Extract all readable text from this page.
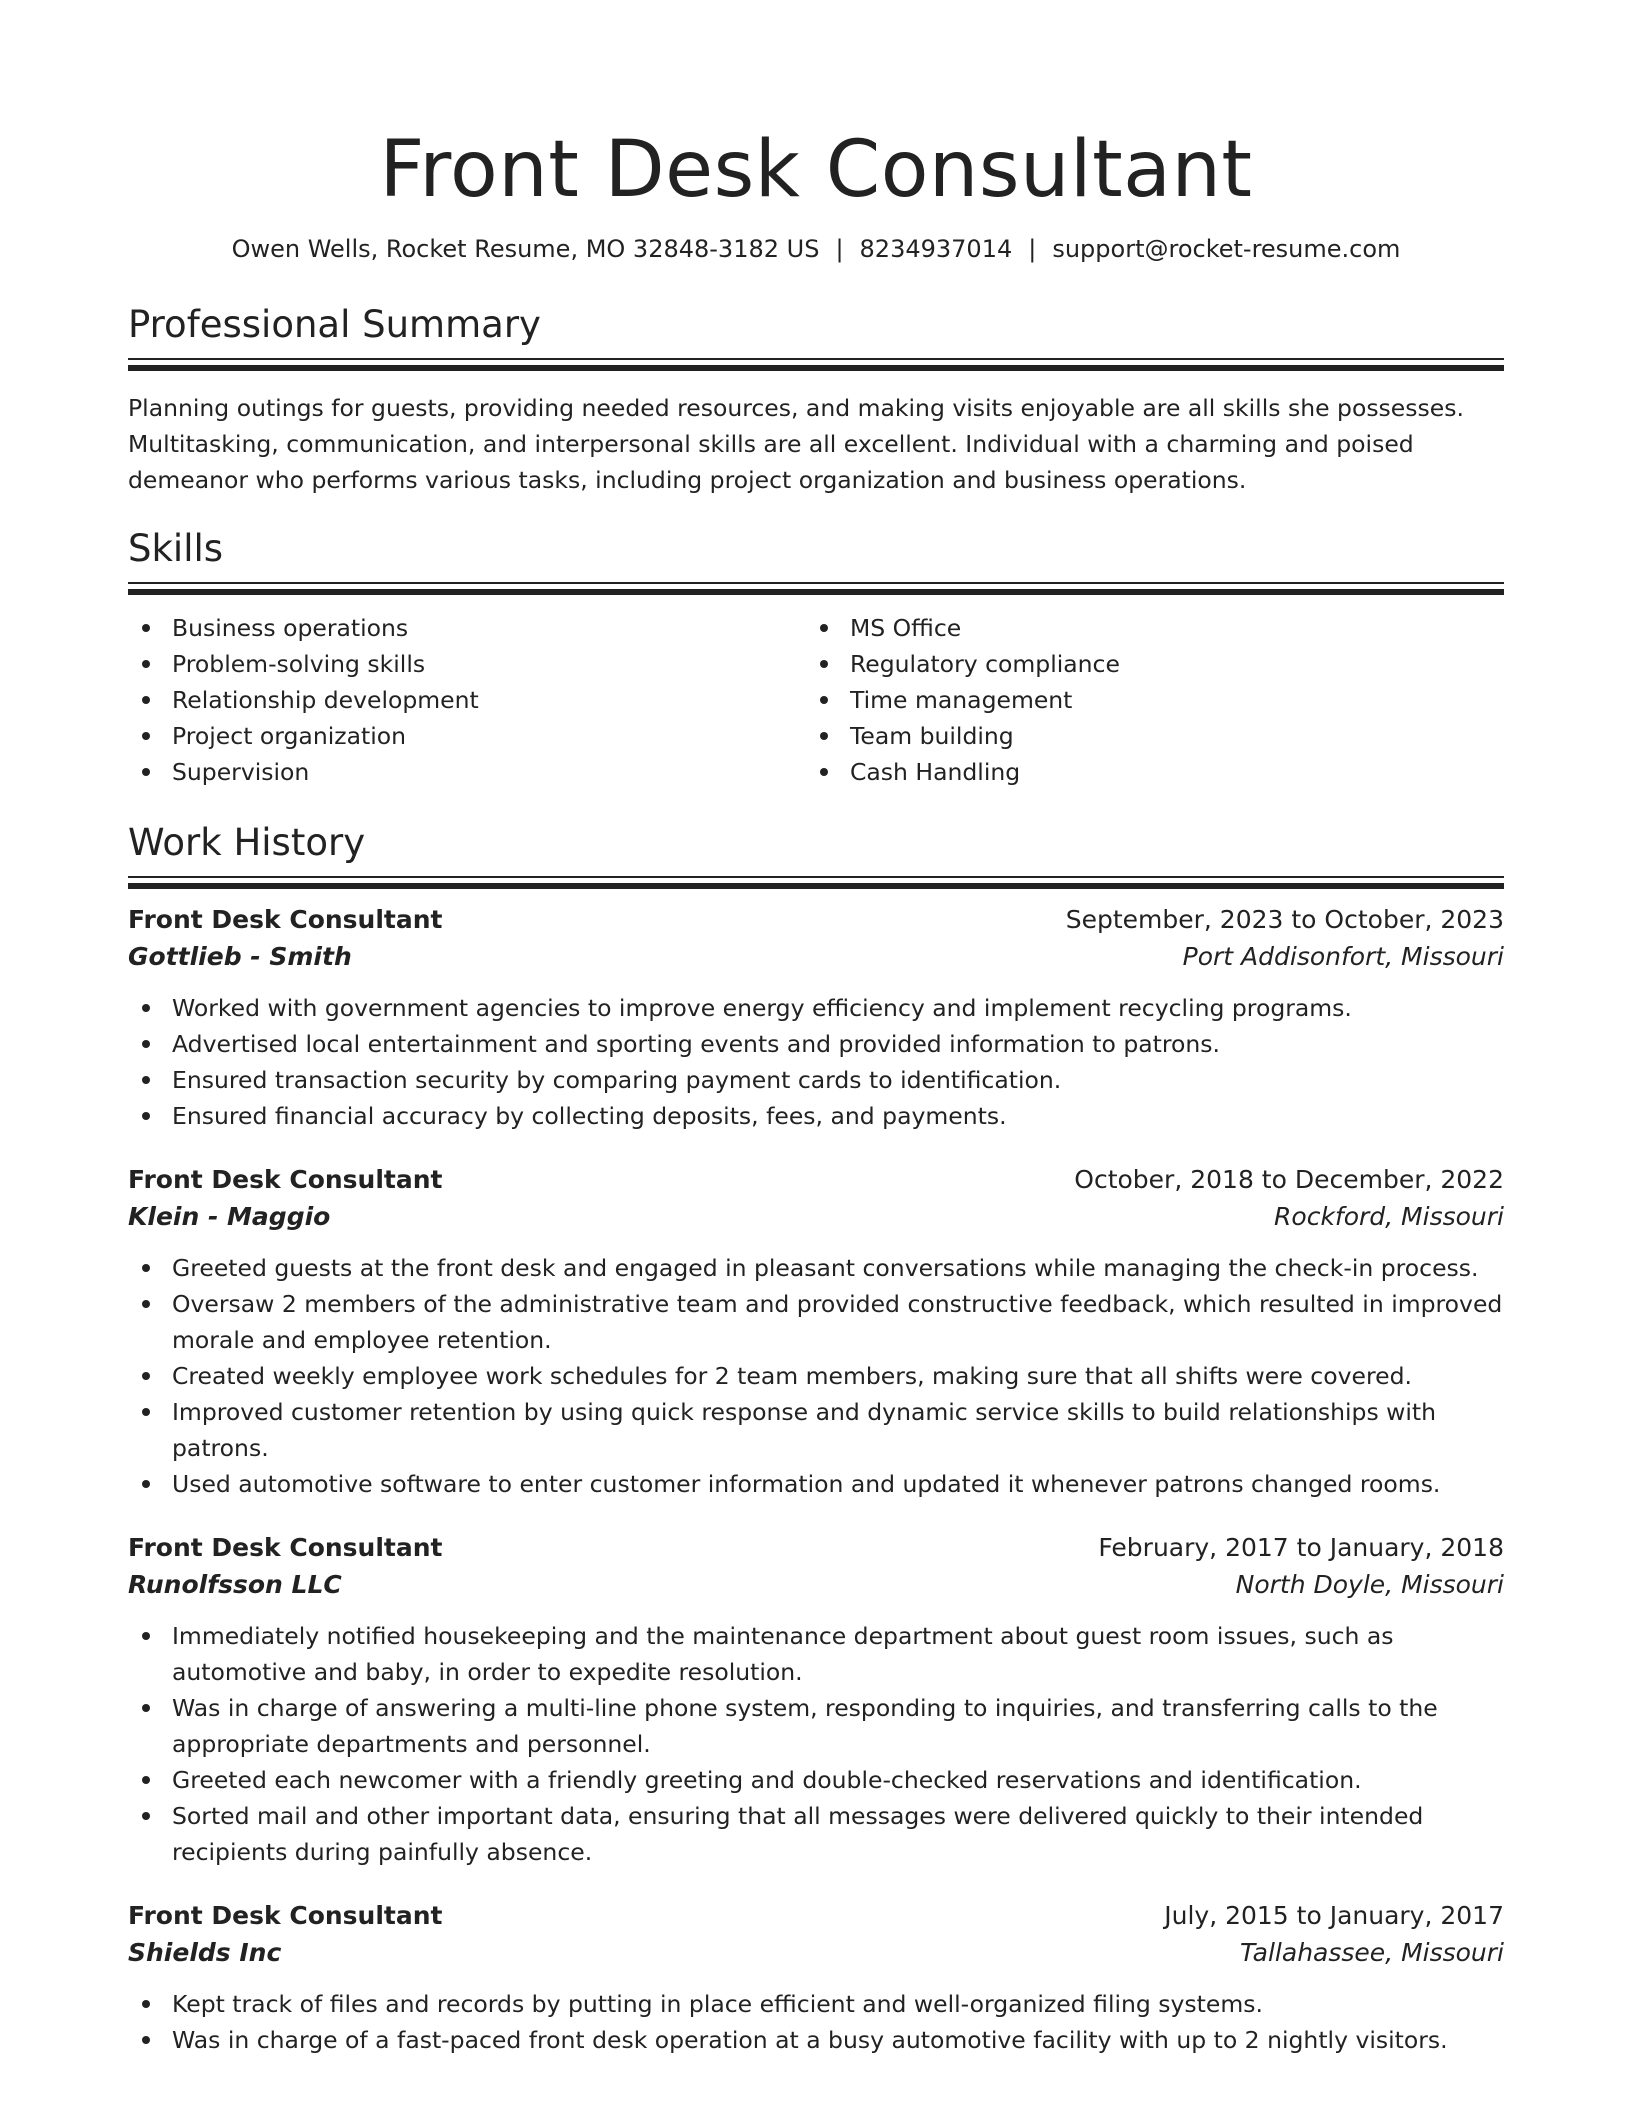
Front Desk Consultant
Owen Wells, Rocket Resume, MO 32848-3182 US | 8234937014 | support@rocket-resume.com
Professional Summary
Planning outings for guests, providing needed resources, and making visits enjoyable are all skills she possesses. Multitasking, communication, and interpersonal skills are all excellent. Individual with a charming and poised demeanor who performs various tasks, including project organization and business operations.
Skills
Business operations
Problem-solving skills
Relationship development
Project organization
Supervision
MS Office
Regulatory compliance
Time management
Team building
Cash Handling
Work History
Front Desk Consultant	September, 2023 to October, 2023
Gottlieb - Smith	Port Addisonfort, Missouri
Worked with government agencies to improve energy efficiency and implement recycling programs.
Advertised local entertainment and sporting events and provided information to patrons.
Ensured transaction security by comparing payment cards to identification.
Ensured financial accuracy by collecting deposits, fees, and payments.
Front Desk Consultant	October, 2018 to December, 2022
Klein - Maggio	Rockford, Missouri
Greeted guests at the front desk and engaged in pleasant conversations while managing the check-in process.
Oversaw 2 members of the administrative team and provided constructive feedback, which resulted in improved morale and employee retention.
Created weekly employee work schedules for 2 team members, making sure that all shifts were covered.
Improved customer retention by using quick response and dynamic service skills to build relationships with patrons.
Used automotive software to enter customer information and updated it whenever patrons changed rooms.
Front Desk Consultant	February, 2017 to January, 2018
Runolfsson LLC	North Doyle, Missouri
Immediately notified housekeeping and the maintenance department about guest room issues, such as automotive and baby, in order to expedite resolution.
Was in charge of answering a multi-line phone system, responding to inquiries, and transferring calls to the appropriate departments and personnel.
Greeted each newcomer with a friendly greeting and double-checked reservations and identification.
Sorted mail and other important data, ensuring that all messages were delivered quickly to their intended recipients during painfully absence.
Front Desk Consultant	July, 2015 to January, 2017
Shields Inc	Tallahassee, Missouri
Kept track of files and records by putting in place efficient and well-organized filing systems.
Was in charge of a fast-paced front desk operation at a busy automotive facility with up to 2 nightly visitors.
